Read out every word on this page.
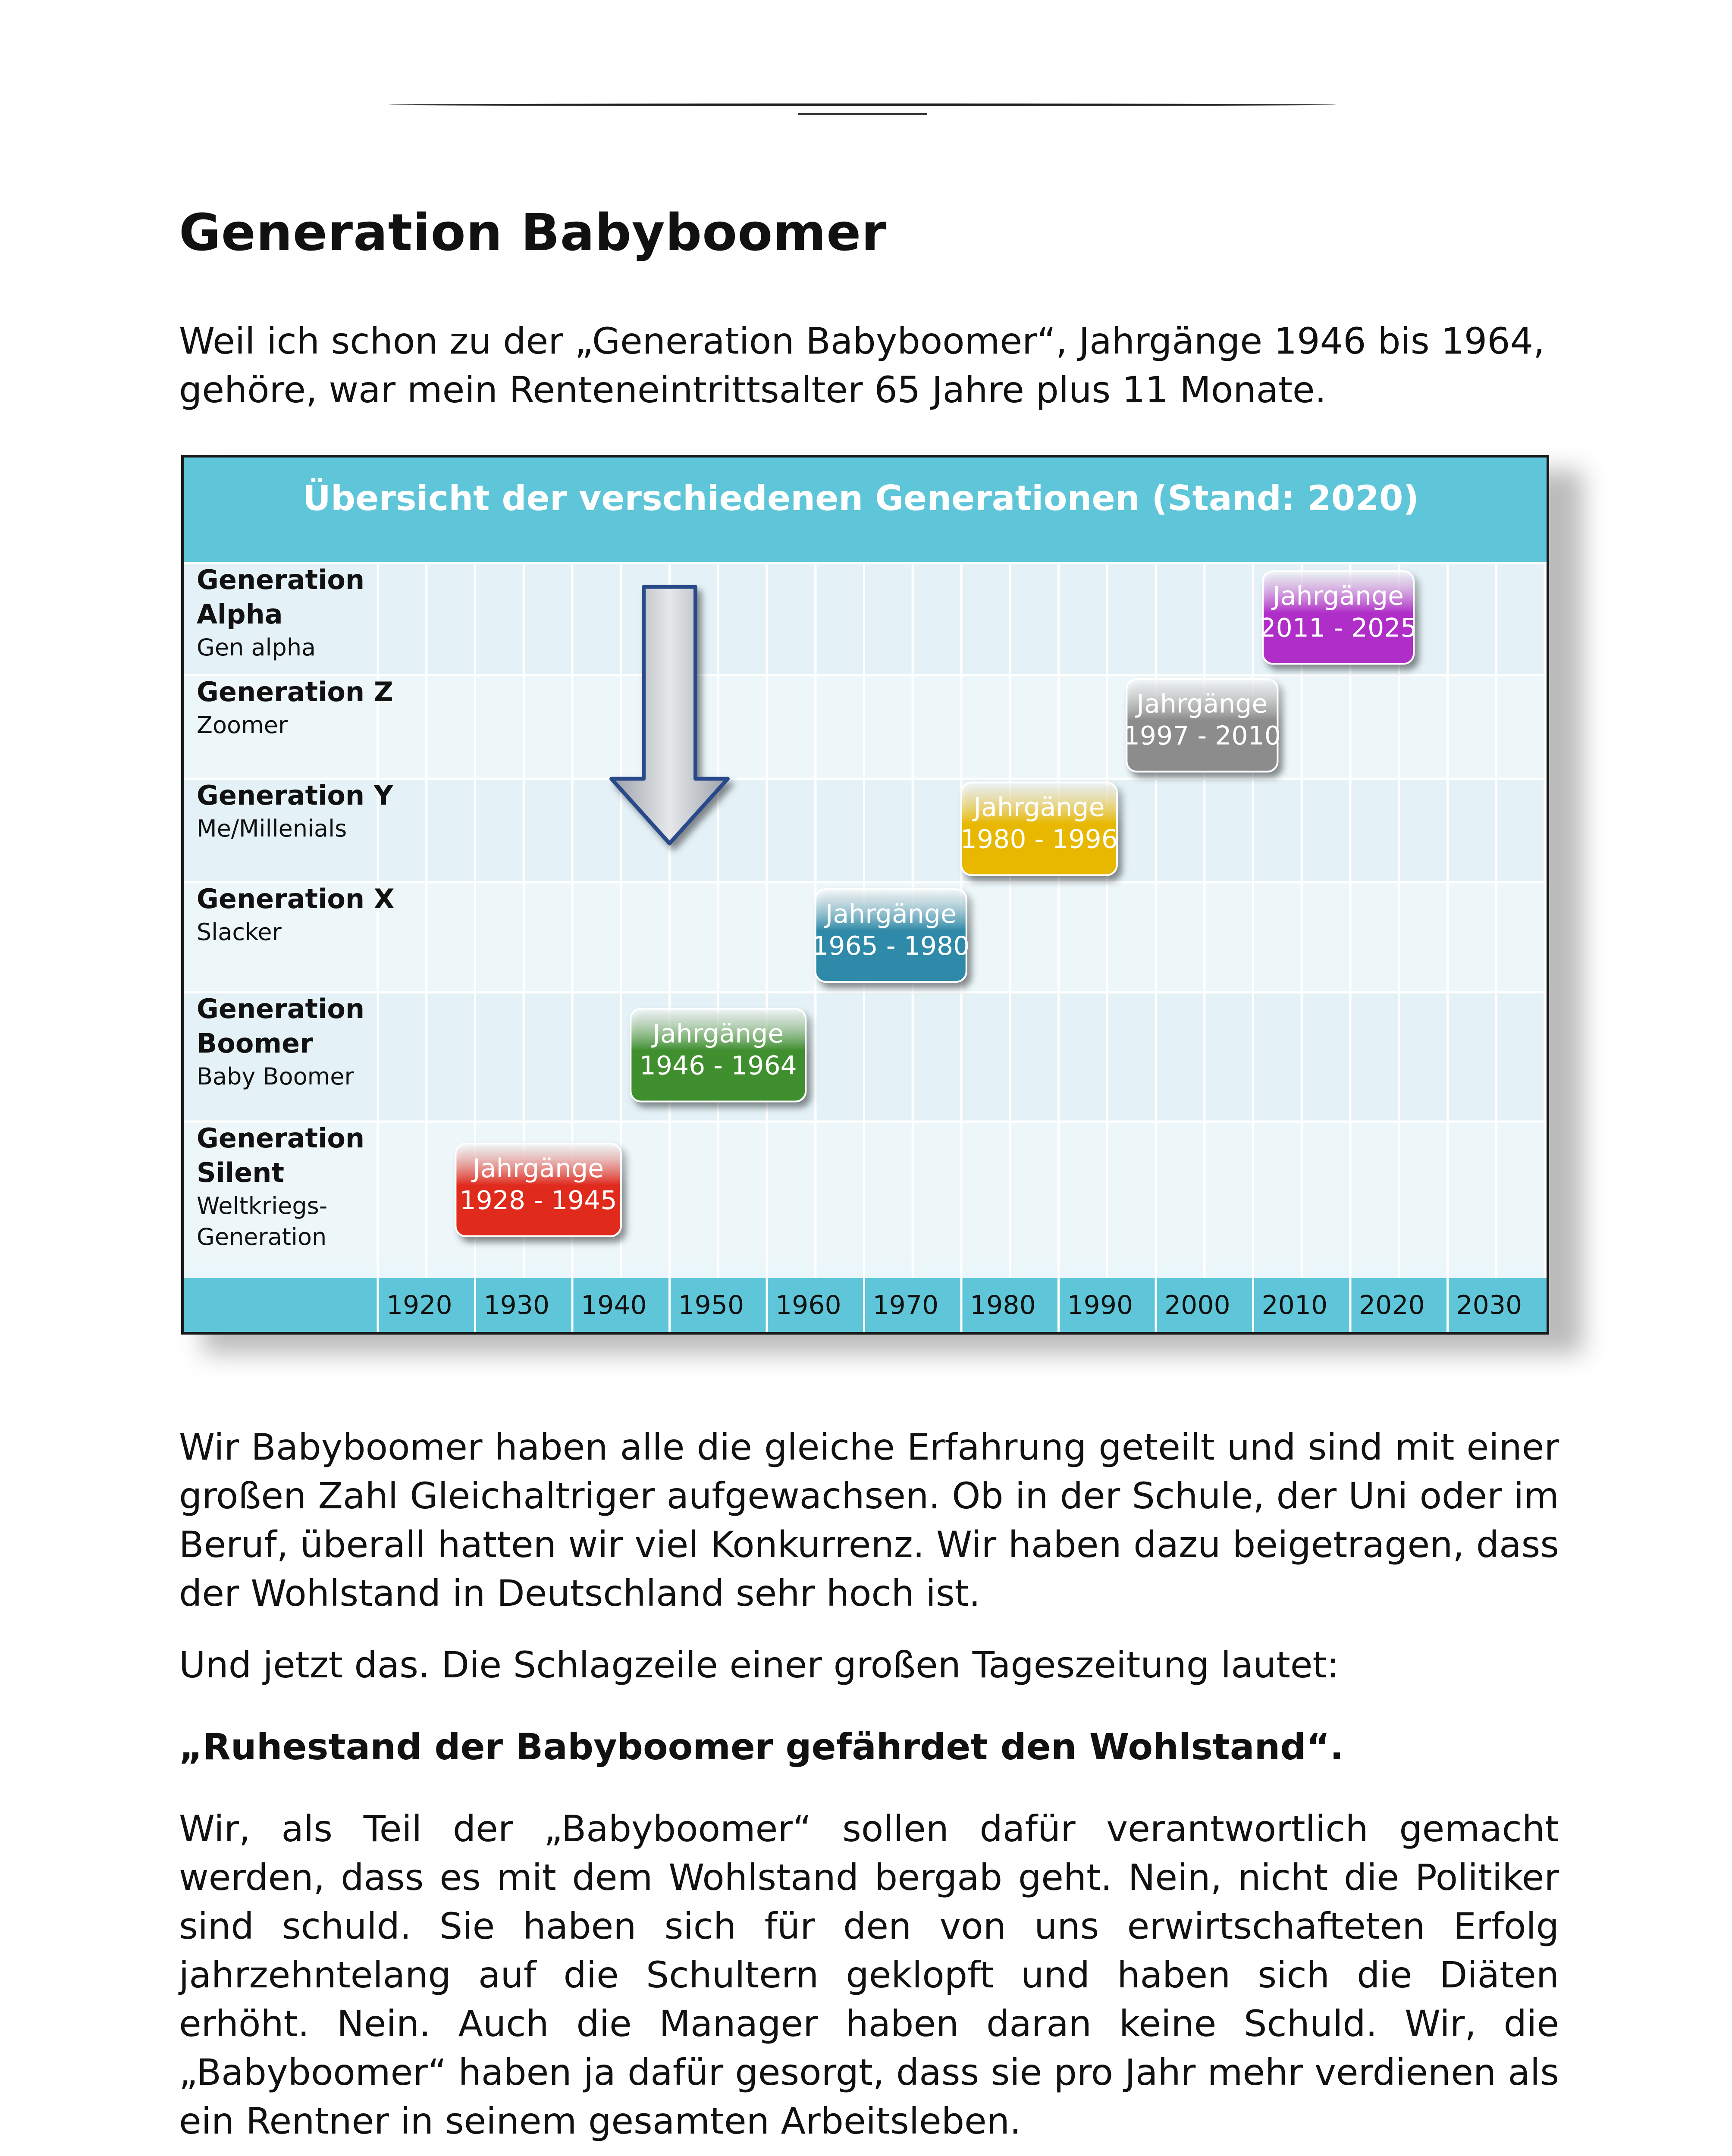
Generation Babyboomer

Weil ich schon zu der „Generation Babyboomer“, Jahrgänge 1946 bis 1964, gehöre, war mein Renteneintrittsalter 65 Jahre plus 11 Monate.

Übersicht der verschiedenen Generationen (Stand: 2020)
1920 1930 1940 1950 1960 1970 1980 1990 2000 2010 2020 2030
Generation
Alpha
Gen alpha
Jahrgänge
2011 - 2025
Generation Z
Zoomer
Jahrgänge
1997 - 2010
Generation Y
Me/Millenials
Jahrgänge
1980 - 1996
Generation X
Slacker
Jahrgänge
1965 - 1980
Generation
Boomer
Baby Boomer
Jahrgänge
1946 - 1964
Generation
Silent
Weltkriegs-
Generation
Jahrgänge
1928 - 1945

Wir Babyboomer haben alle die gleiche Erfahrung geteilt und sind mit einer großen Zahl Gleichaltriger aufgewachsen. Ob in der Schule, der Uni oder im Beruf, überall hatten wir viel Konkurrenz. Wir haben dazu beigetragen, dass der Wohlstand in Deutschland sehr hoch ist.

Und jetzt das. Die Schlagzeile einer großen Tageszeitung lautet:

„Ruhestand der Babyboomer gefährdet den Wohlstand“.

Wir, als Teil der „Babyboomer“ sollen dafür verantwortlich gemacht werden, dass es mit dem Wohlstand bergab geht. Nein, nicht die Politiker sind schuld. Sie haben sich für den von uns erwirtschafteten Erfolg jahrzehntelang auf die Schultern geklopft und haben sich die Diäten erhöht. Nein. Auch die Manager haben daran keine Schuld. Wir, die „Babyboomer“ haben ja dafür gesorgt, dass sie pro Jahr mehr verdienen als ein Rentner in seinem gesamten Arbeitsleben.
